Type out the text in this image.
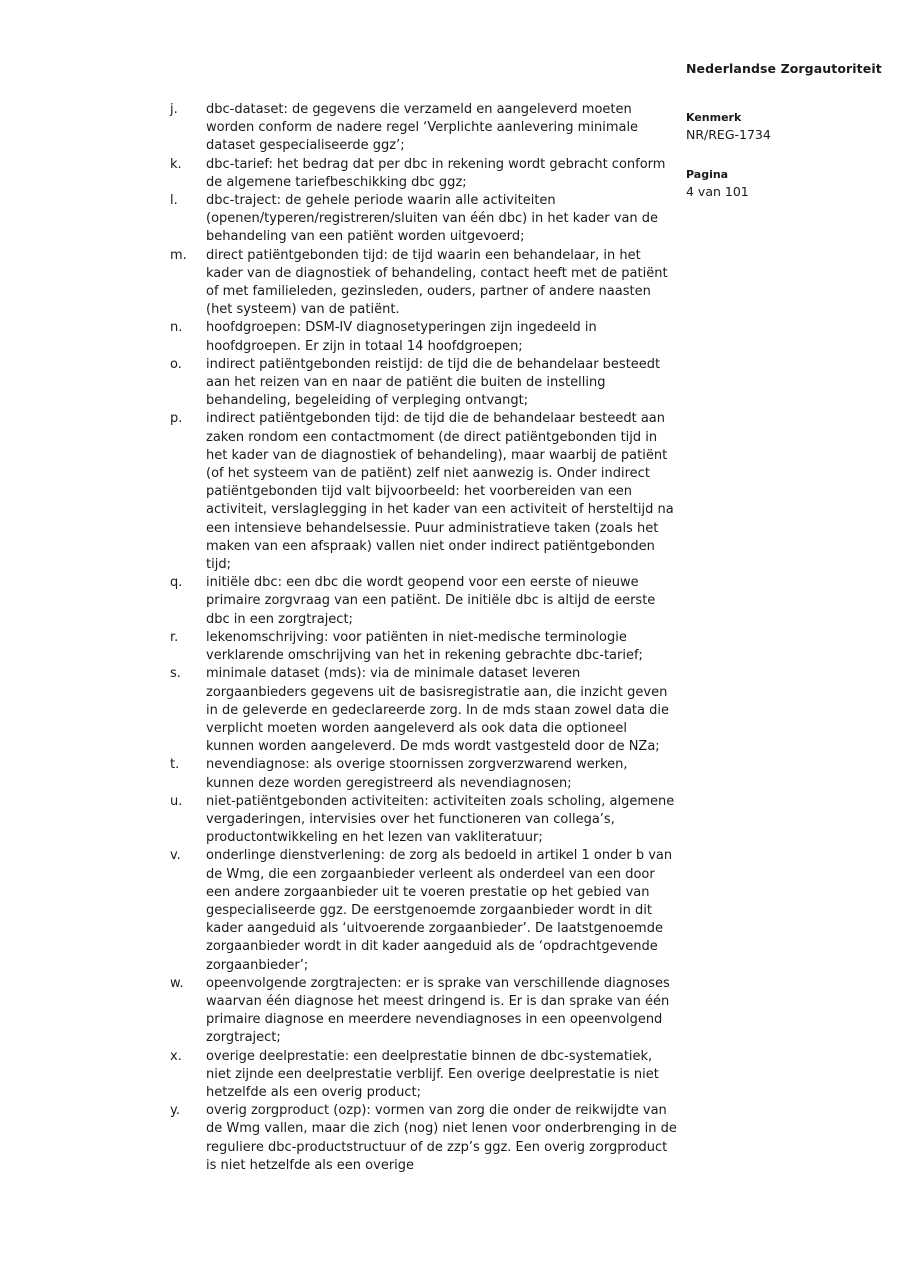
Nederlandse Zorgautoriteit
Kenmerk
NR/REG-1734
Pagina
4 van 101
j.	dbc-dataset: de gegevens die verzameld en aangeleverd moeten worden conform de nadere regel ‘Verplichte aanlevering minimale dataset gespecialiseerde ggz’;
k.	dbc-tarief: het bedrag dat per dbc in rekening wordt gebracht conform de algemene tariefbeschikking dbc ggz;
l.	dbc-traject: de gehele periode waarin alle activiteiten (openen/typeren/registreren/sluiten van één dbc) in het kader van de behandeling van een patiënt worden uitgevoerd;
m.	direct patiëntgebonden tijd: de tijd waarin een behandelaar, in het kader van de diagnostiek of behandeling, contact heeft met de patiënt of met familieleden, gezinsleden, ouders, partner of andere naasten (het systeem) van de patiënt.
n.	hoofdgroepen: DSM-IV diagnosetyperingen zijn ingedeeld in hoofdgroepen. Er zijn in totaal 14 hoofdgroepen;
o.	indirect patiëntgebonden reistijd: de tijd die de behandelaar besteedt aan het reizen van en naar de patiënt die buiten de instelling behandeling, begeleiding of verpleging ontvangt;
p.	indirect patiëntgebonden tijd: de tijd die de behandelaar besteedt aan zaken rondom een contactmoment (de direct patiëntgebonden tijd in het kader van de diagnostiek of behandeling), maar waarbij de patiënt (of het systeem van de patiënt) zelf niet aanwezig is. Onder indirect patiëntgebonden tijd valt bijvoorbeeld: het voorbereiden van een activiteit, verslaglegging in het kader van een activiteit of hersteltijd na een intensieve behandelsessie. Puur administratieve taken (zoals het maken van een afspraak) vallen niet onder indirect patiëntgebonden tijd;
q.	initiële dbc: een dbc die wordt geopend voor een eerste of nieuwe primaire zorgvraag van een patiënt. De initiële dbc is altijd de eerste dbc in een zorgtraject;
r.	lekenomschrijving: voor patiënten in niet-medische terminologie verklarende omschrijving van het in rekening gebrachte dbc-tarief;
s.	minimale dataset (mds): via de minimale dataset leveren zorgaanbieders gegevens uit de basisregistratie aan, die inzicht geven in de geleverde en gedeclareerde zorg. In de mds staan zowel data die verplicht moeten worden aangeleverd als ook data die optioneel kunnen worden aangeleverd. De mds wordt vastgesteld door de NZa;
t.	nevendiagnose: als overige stoornissen zorgverzwarend werken, kunnen deze worden geregistreerd als nevendiagnosen;
u.	niet-patiëntgebonden activiteiten: activiteiten zoals scholing, algemene vergaderingen, intervisies over het functioneren van collega’s, productontwikkeling en het lezen van vakliteratuur;
v.	onderlinge dienstverlening: de zorg als bedoeld in artikel 1 onder b van de Wmg, die een zorgaanbieder verleent als onderdeel van een door een andere zorgaanbieder uit te voeren prestatie op het gebied van gespecialiseerde ggz. De eerstgenoemde zorgaanbieder wordt in dit kader aangeduid als ‘uitvoerende zorgaanbieder’. De laatstgenoemde zorgaanbieder wordt in dit kader aangeduid als de ‘opdrachtgevende zorgaanbieder’;
w.	opeenvolgende zorgtrajecten: er is sprake van verschillende diagnoses waarvan één diagnose het meest dringend is. Er is dan sprake van één primaire diagnose en meerdere nevendiagnoses in een opeenvolgend zorgtraject;
x.	overige deelprestatie: een deelprestatie binnen de dbc-systematiek, niet zijnde een deelprestatie verblijf. Een overige deelprestatie is niet hetzelfde als een overig product;
y.	overig zorgproduct (ozp): vormen van zorg die onder de reikwijdte van de Wmg vallen, maar die zich (nog) niet lenen voor onderbrenging in de reguliere dbc-productstructuur of de zzp’s ggz. Een overig zorgproduct is niet hetzelfde als een overige
